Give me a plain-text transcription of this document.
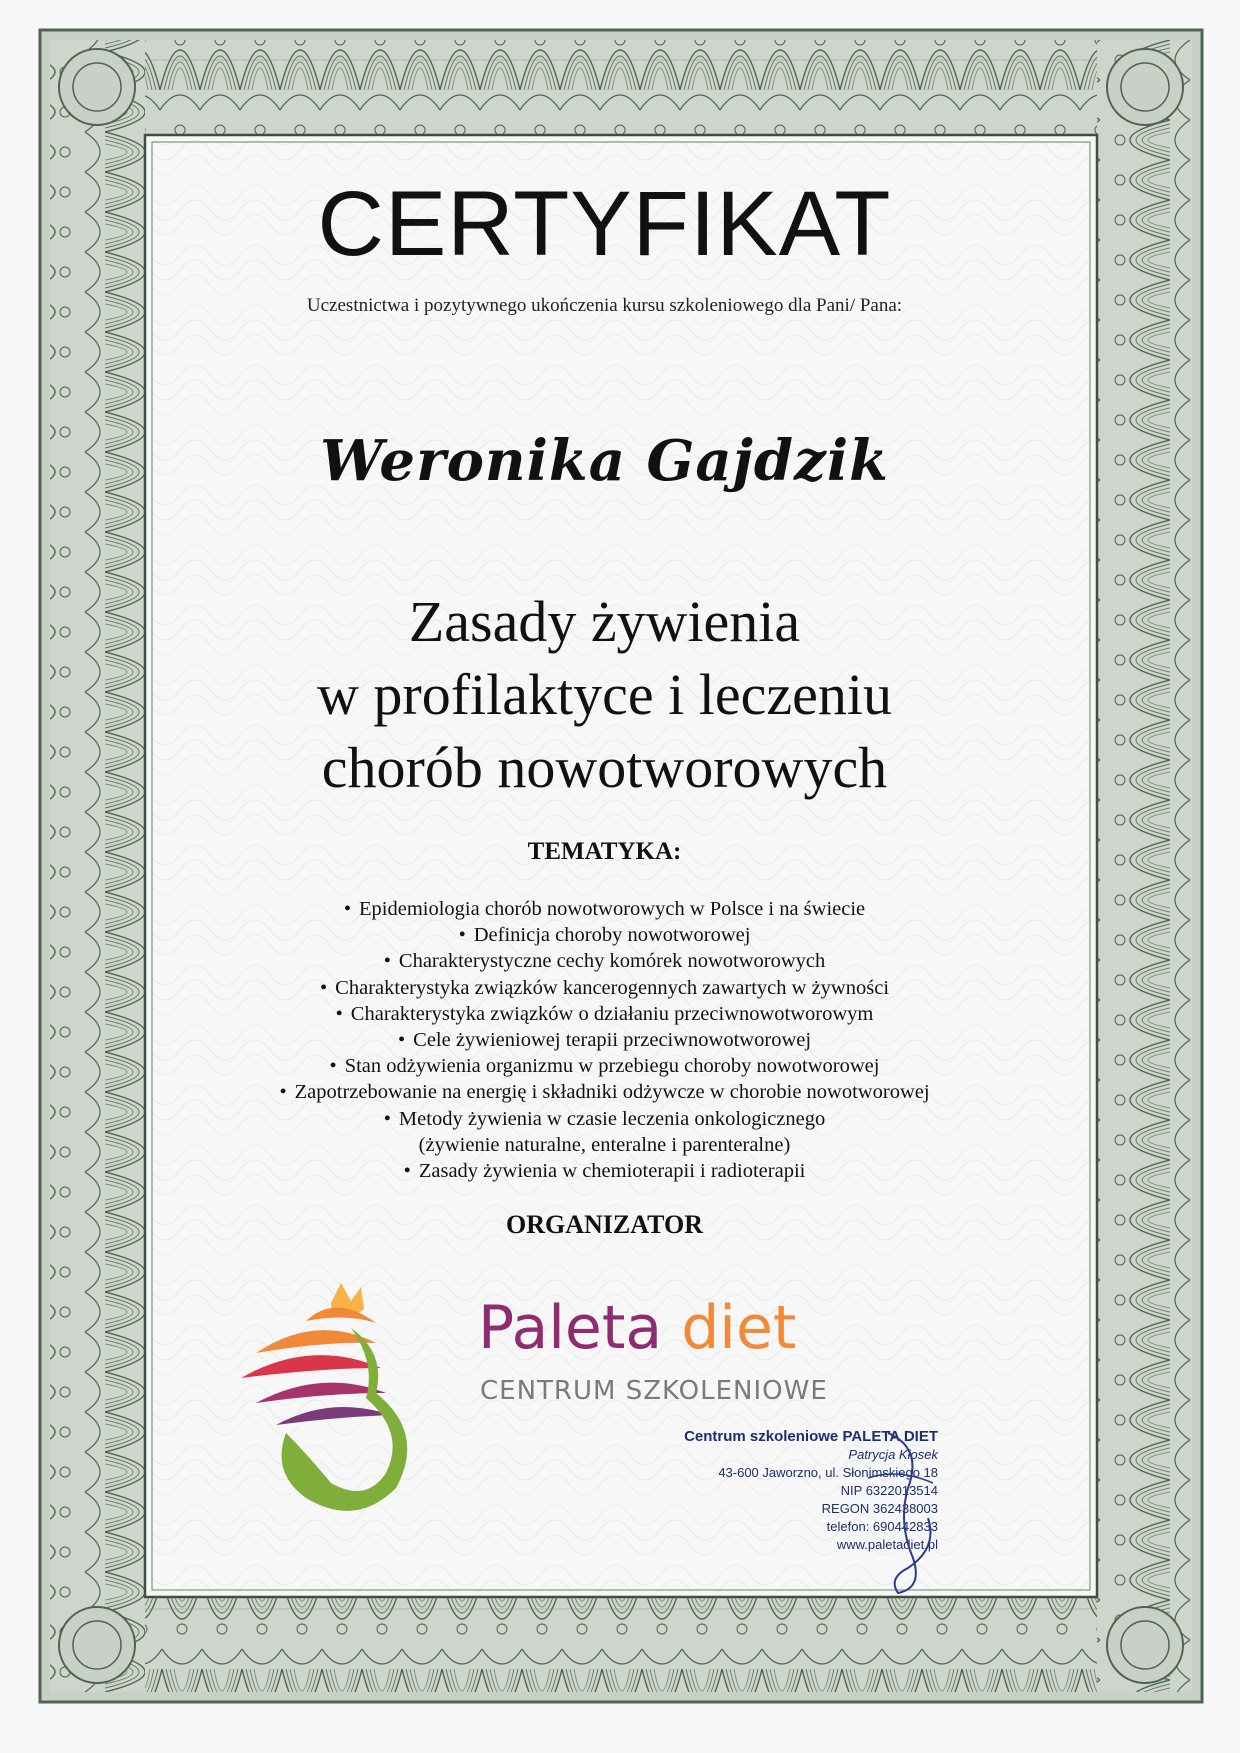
CERTYFIKAT
Uczestnictwa i pozytywnego ukończenia kursu szkoleniowego dla Pani/ Pana:
Weronika Gajdzik
Zasady żywienia
w profilaktyce i leczeniu
chorób nowotworowych
TEMATYKA:
• Epidemiologia chorób nowotworowych w Polsce i na świecie
• Definicja choroby nowotworowej
• Charakterystyczne cechy komórek nowotworowych
• Charakterystyka związków kancerogennych zawartych w żywności
• Charakterystyka związków o działaniu przeciwnowotworowym
• Cele żywieniowej terapii przeciwnowotworowej
• Stan odżywienia organizmu w przebiegu choroby nowotworowej
• Zapotrzebowanie na energię i składniki odżywcze w chorobie nowotworowej
• Metody żywienia w czasie leczenia onkologicznego
(żywienie naturalne, enteralne i parenteralne)
• Zasady żywienia w chemioterapii i radioterapii
ORGANIZATOR
Paleta diet
CENTRUM SZKOLENIOWE
Centrum szkoleniowe PALETA DIET
Patrycja Kłosek
43-600 Jaworzno, ul. Słonimskiego 18
NIP 6322013514
REGON 362438003
telefon: 690442833
www.paletadiet.pl
